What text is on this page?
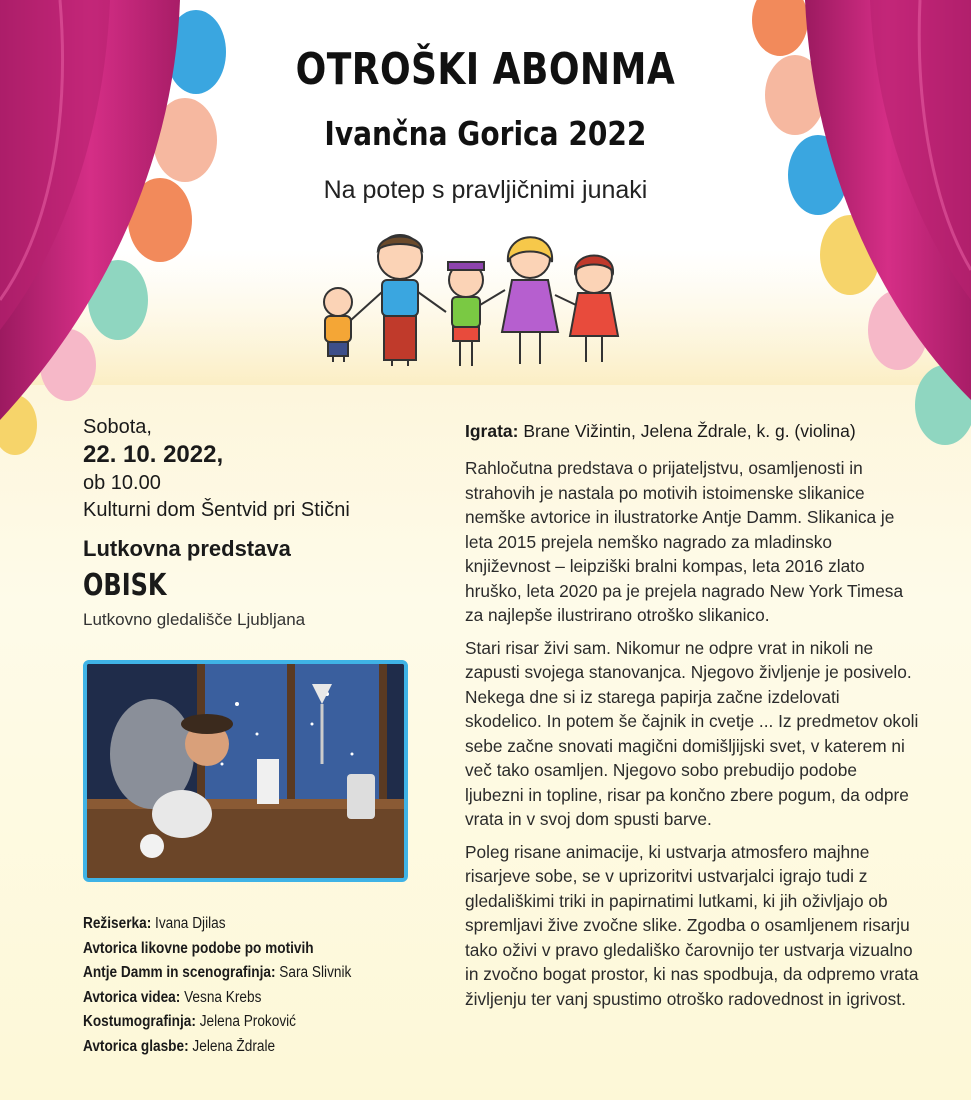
OTROŠKI ABONMA
Ivančna Gorica 2022
Na potep s pravljičnimi junaki
Sobota,
22. 10. 2022,
ob 10.00
Kulturni dom Šentvid pri Stični
Lutkovna predstava
OBISK
Lutkovno gledališče Ljubljana
Režiserka: Ivana Djilas
Avtorica likovne podobe po motivih
Antje Damm in scenografinja: Sara Slivnik
Avtorica videa: Vesna Krebs
Kostumografinja: Jelena Proković
Avtorica glasbe: Jelena Ždrale
Igrata: Brane Vižintin, Jelena Ždrale, k. g. (violina)

Rahločutna predstava o prijateljstvu, osamljenosti in strahovih je nastala po motivih istoimenske slikanice nemške avtorice in ilustratorke Antje Damm. Slikanica je leta 2015 prejela nemško nagrado za mladinsko književnost – leipziški bralni kompas, leta 2016 zlato hruško, leta 2020 pa je prejela nagrado New York Timesa za najlepše ilustrirano otroško slikanico.

Stari risar živi sam. Nikomur ne odpre vrat in nikoli ne zapusti svojega stanovanjca. Njegovo življenje je posivelo. Nekega dne si iz starega papirja začne izdelovati skodelico. In potem še čajnik in cvetje ... Iz predmetov okoli sebe začne snovati magični domišljijski svet, v katerem ni več tako osamljen. Njegovo sobo prebudijo podobe ljubezni in topline, risar pa končno zbere pogum, da odpre vrata in v svoj dom spusti barve.

Poleg risane animacije, ki ustvarja atmosfero majhne risarjeve sobe, se v uprizoritvi ustvarjalci igrajo tudi z gledališkimi triki in papirnatimi lutkami, ki jih oživljajo ob spremljavi žive zvočne slike. Zgodba o osamljenem risarju tako oživi v pravo gledališko čarovnijo ter ustvarja vizualno in zvočno bogat prostor, ki nas spodbuja, da odpremo vrata življenju ter vanj spustimo otroško radovednost in igrivost.
